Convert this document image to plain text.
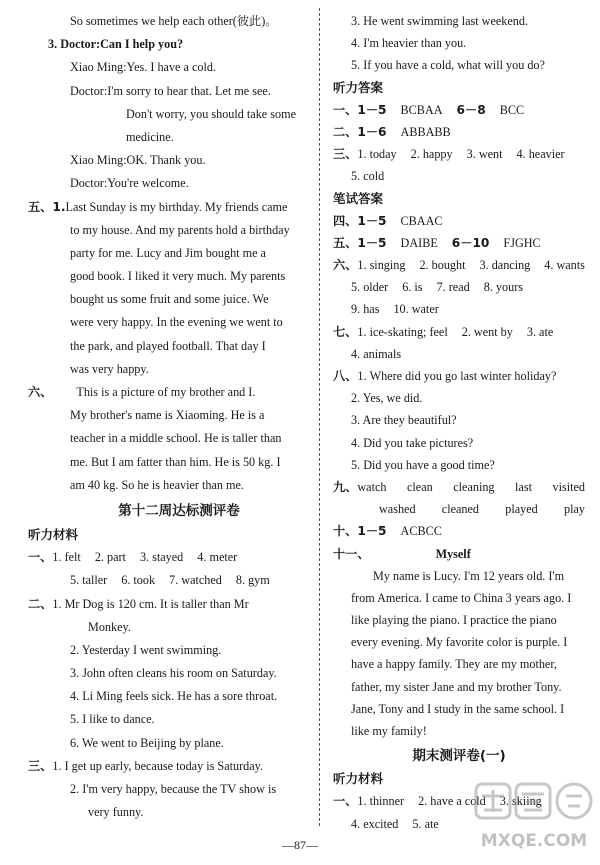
So sometimes we help each other(彼此)。
3. Doctor:Can I help you?
Xiao Ming:Yes. I have a cold.
Doctor:I'm sorry to hear that. Let me see.
Don't worry, you should take some
medicine.
Xiao Ming:OK. Thank you.
Doctor:You're welcome.
五、1.Last Sunday is my birthday. My friends came
to my house. And my parents hold a birthday
party for me. Lucy and Jim bought me a
good book. I liked it very much. My parents
bought us some fruit and some juice. We
were very happy. In the evening we went to
the park, and played football. That day I
was very happy.
六、 This is a picture of my brother and I.
My brother's name is Xiaoming. He is a
teacher in a middle school. He is taller than
me. But I am fatter than him. He is 50 kg. I
am 40 kg. So he is heavier than me.
第十二周达标测评卷
听力材料
一、1. felt 2. part 3. stayed 4. meter
5. taller 6. took 7. watched 8. gym
二、1. Mr Dog is 120 cm. It is taller than Mr
Monkey.
2. Yesterday I went swimming.
3. John often cleans his room on Saturday.
4. Li Ming feels sick. He has a sore throat.
5. I like to dance.
6. We went to Beijing by plane.
三、1. I get up early, because today is Saturday.
2. I'm very happy, because the TV show is
very funny.
3. He went swimming last weekend.
4. I'm heavier than you.
5. If you have a cold, what will you do?
听力答案
一、1－5 BCBAA 6－8 BCC
二、1－6 ABBABB
三、1. today 2. happy 3. went 4. heavier
5. cold
笔试答案
四、1－5 CBAAC
五、1－5 DAIBE 6－10 FJGHC
六、1. singing 2. bought 3. dancing 4. wants
5. older 6. is 7. read 8. yours
9. has 10. water
七、1. ice-skating; feel 2. went by 3. ate
4. animals
八、1. Where did you go last winter holiday?
2. Yes, we did.
3. Are they beautiful?
4. Did you take pictures?
5. Did you have a good time?
九、watch clean cleaning last visited
washed cleaned played play
十、1－5 ACBCC
十一、	Myself
My name is Lucy. I'm 12 years old. I'm
from America. I came to China 3 years ago. I
like playing the piano. I practice the piano
every evening. My favorite color is purple. I
have a happy family. They are my mother,
father, my sister Jane and my brother Tony.
Jane, Tony and I study in the same school. I
like my family!
期末测评卷(一)
听力材料
一、1. thinner 2. have a cold 3. skiing
4. excited 5. ate
—87—	MXQE.COM
